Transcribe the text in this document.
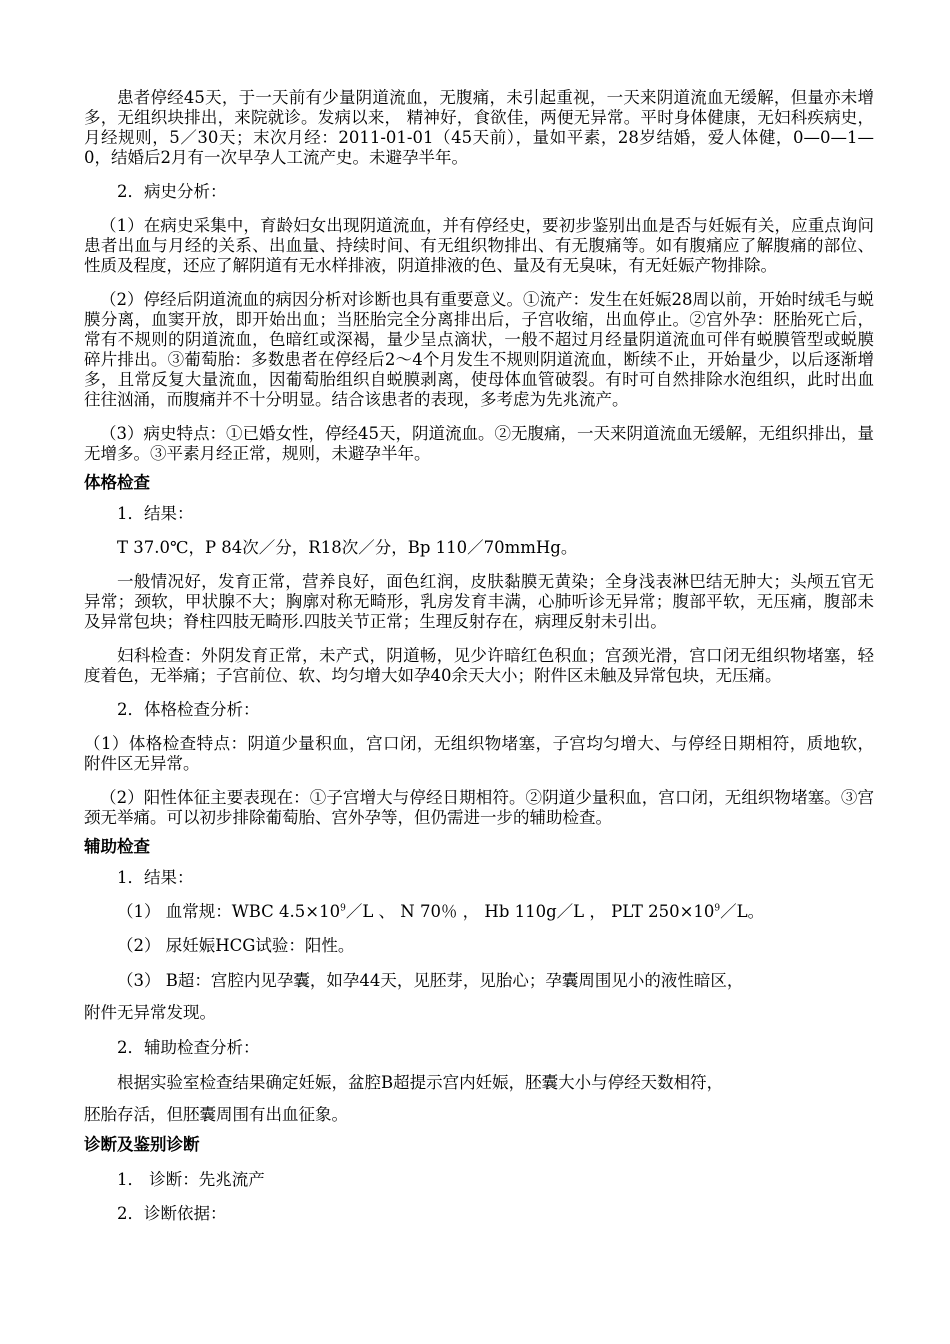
患者停经45天，于一天前有少量阴道流血，无腹痛，未引起重视，一天来阴道流血无缓解，但量亦未增多，无组织块排出，来院就诊。发病以来， 精神好，食欲佳，两便无异常。平时身体健康，无妇科疾病史，月经规则，5／30天；末次月经：2011-01-01（45天前），量如平素，28岁结婚，爱人体健，0—0—1—0，结婚后2月有一次早孕人工流产史。未避孕半年。

2．病史分析：

（1）在病史采集中，育龄妇女出现阴道流血，并有停经史，要初步鉴别出血是否与妊娠有关，应重点询问患者出血与月经的关系、出血量、持续时间、有无组织物排出、有无腹痛等。如有腹痛应了解腹痛的部位、性质及程度，还应了解阴道有无水样排液，阴道排液的色、量及有无臭味，有无妊娠产物排除。

（2）停经后阴道流血的病因分析对诊断也具有重要意义。①流产：发生在妊娠28周以前，开始时绒毛与蜕膜分离，血窦开放，即开始出血；当胚胎完全分离排出后，子宫收缩，出血停止。②宫外孕：胚胎死亡后，常有不规则的阴道流血，色暗红或深褐，量少呈点滴状，一般不超过月经量阴道流血可伴有蜕膜管型或蜕膜碎片排出。③葡萄胎：多数患者在停经后2～4个月发生不规则阴道流血，断续不止，开始量少，以后逐渐增多，且常反复大量流血，因葡萄胎组织自蜕膜剥离，使母体血管破裂。有时可自然排除水泡组织，此时出血往往汹涌，而腹痛并不十分明显。结合该患者的表现，多考虑为先兆流产。

（3）病史特点：①已婚女性，停经45天，阴道流血。②无腹痛，一天来阴道流血无缓解，无组织排出，量无增多。③平素月经正常，规则，未避孕半年。

体格检查

1．结果：

T 37.0℃，P 84次／分，R18次／分，Bp 110／70mmHg。

一般情况好，发育正常，营养良好，面色红润，皮肤黏膜无黄染；全身浅表淋巴结无肿大；头颅五官无异常；颈软，甲状腺不大；胸廓对称无畸形，乳房发育丰满，心肺听诊无异常；腹部平软，无压痛，腹部未及异常包块；脊柱四肢无畸形.四肢关节正常；生理反射存在，病理反射未引出。

妇科检查：外阴发育正常，未产式，阴道畅，见少许暗红色积血；宫颈光滑，宫口闭无组织物堵塞，轻度着色，无举痛；子宫前位、软、均匀增大如孕40余天大小；附件区未触及异常包块，无压痛。

2．体格检查分析：

（1）体格检查特点：阴道少量积血，宫口闭，无组织物堵塞，子宫均匀增大、与停经日期相符，质地软， 附件区无异常。

（2）阳性体征主要表现在：①子宫增大与停经日期相符。②阴道少量积血，宫口闭，无组织物堵塞。③宫颈无举痛。可以初步排除葡萄胎、宫外孕等，但仍需进一步的辅助检查。

辅助检查

1．结果：

（1） 血常规：WBC $4.5\times 10^9/L$ 、 N 70％ ， Hb 110g／L ， PLT $250\times 10^9/L$。

（2） 尿妊娠HCG试验：阳性。

（3） B超：宫腔内见孕囊，如孕44天，见胚芽，见胎心；孕囊周围见小的液性暗区，

附件无异常发现。

2．辅助检查分析：

根据实验室检查结果确定妊娠，盆腔B超提示宫内妊娠，胚囊大小与停经天数相符，

胚胎存活，但胚囊周围有出血征象。

诊断及鉴别诊断

1． 诊断：先兆流产

2．诊断依据：
